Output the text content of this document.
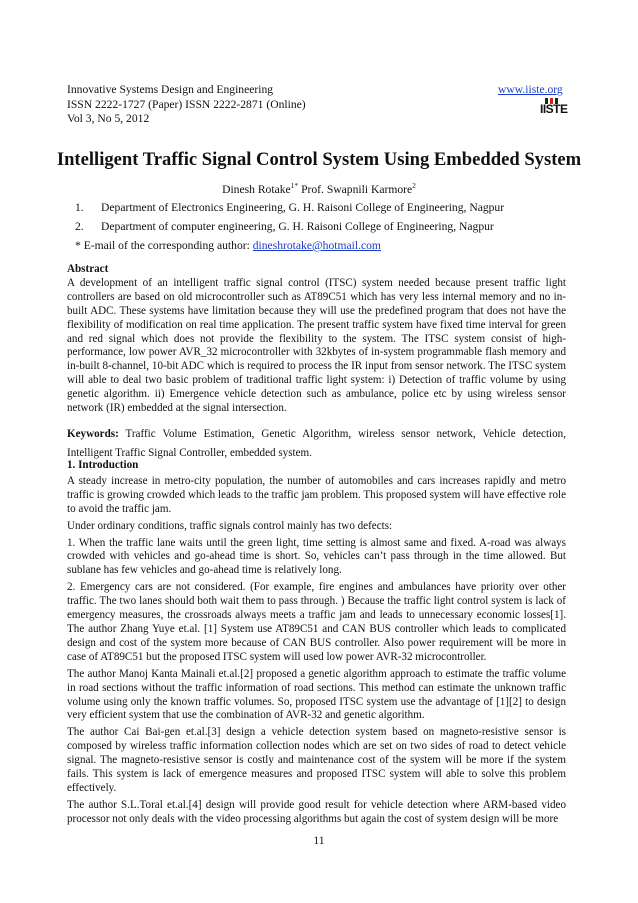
Innovative Systems Design and Engineering
ISSN 2222-1727 (Paper) ISSN 2222-2871 (Online)
Vol 3, No 5, 2012
www.iiste.org
IISTE
Intelligent Traffic Signal Control System Using Embedded System
Dinesh Rotake$^{1*}$ Prof. Swapnili Karmore$^2$
1. Department of Electronics Engineering, G. H. Raisoni College of Engineering, Nagpur
2. Department of computer engineering, G. H. Raisoni College of Engineering, Nagpur
* E-mail of the corresponding author: dineshrotake@hotmail.com

Abstract

A development of an intelligent traffic signal control (ITSC) system needed because present traffic light controllers are based on old microcontroller such as AT89C51 which has very less internal memory and no in-built ADC. These systems have limitation because they will use the predefined program that does not have the flexibility of modification on real time application. The present traffic system have fixed time interval for green and red signal which does not provide the flexibility to the system. The ITSC system consist of high-performance, low power AVR_32 microcontroller with 32kbytes of in-system programmable flash memory and in-built 8-channel, 10-bit ADC which is required to process the IR input from sensor network. The ITSC system will able to deal two basic problem of traditional traffic light system: i) Detection of traffic volume by using genetic algorithm. ii) Emergence vehicle detection such as ambulance, police etc by using wireless sensor network (IR) embedded at the signal intersection.

Keywords: Traffic Volume Estimation, Genetic Algorithm, wireless sensor network, Vehicle detection, Intelligent Traffic Signal Controller, embedded system.

1. Introduction

A steady increase in metro-city population, the number of automobiles and cars increases rapidly and metro traffic is growing crowded which leads to the traffic jam problem. This proposed system will have effective role to avoid the traffic jam.

Under ordinary conditions, traffic signals control mainly has two defects:

1. When the traffic lane waits until the green light, time setting is almost same and fixed. A-road was always crowded with vehicles and go-ahead time is short. So, vehicles can’t pass through in the time allowed. But sublane has few vehicles and go-ahead time is relatively long.

2. Emergency cars are not considered. (For example, fire engines and ambulances have priority over other traffic. The two lanes should both wait them to pass through. ) Because the traffic light control system is lack of emergency measures, the crossroads always meets a traffic jam and leads to unnecessary economic losses[1]. The author Zhang Yuye et.al. [1] System use AT89C51 and CAN BUS controller which leads to complicated design and cost of the system more because of CAN BUS controller. Also power requirement will be more in case of AT89C51 but the proposed ITSC system will used low power AVR-32 microcontroller.

The author Manoj Kanta Mainali et.al.[2] proposed a genetic algorithm approach to estimate the traffic volume in road sections without the traffic information of road sections. This method can estimate the unknown traffic volume using only the known traffic volumes. So, proposed ITSC system use the advantage of [1][2] to design very efficient system that use the combination of AVR-32 and genetic algorithm.

The author Cai Bai-gen et.al.[3] design a vehicle detection system based on magneto-resistive sensor is composed by wireless traffic information collection nodes which are set on two sides of road to detect vehicle signal. The magneto-resistive sensor is costly and maintenance cost of the system will be more if the system fails. This system is lack of emergence measures and proposed ITSC system will able to solve this problem effectively.

The author S.L.Toral et.al.[4] design will provide good result for vehicle detection where ARM-based video processor not only deals with the video processing algorithms but again the cost of system design will be more

11
